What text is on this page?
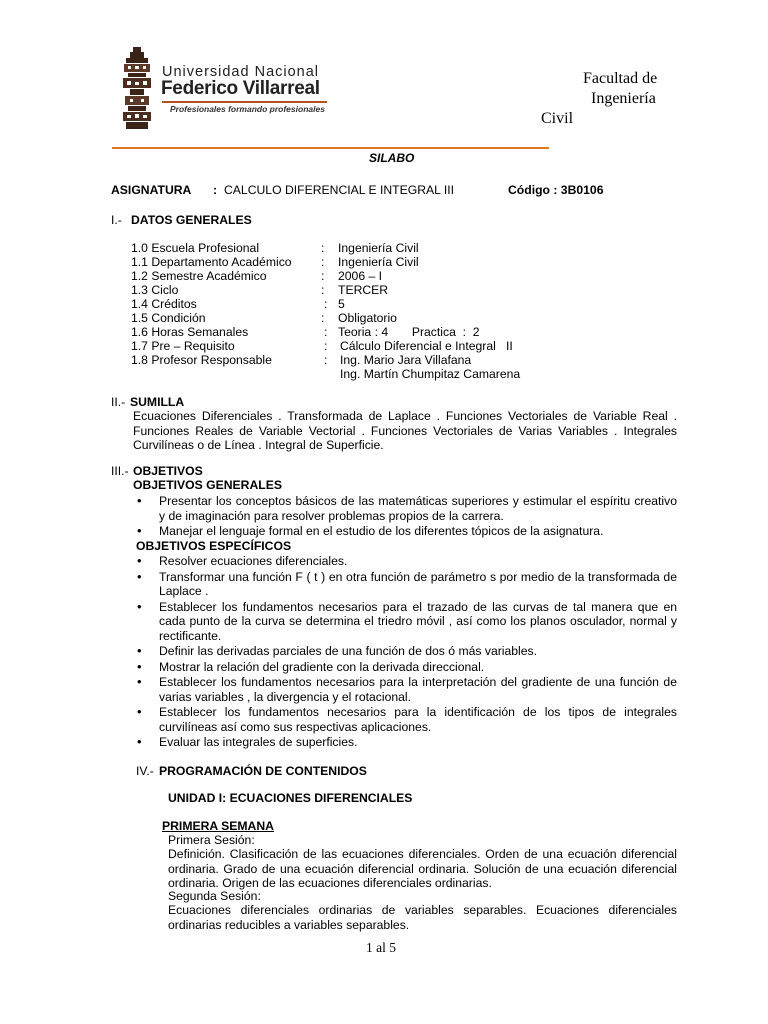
Universidad Nacional
Federico Villarreal
Profesionales formando profesionales
Facultad de
Ingeniería
Civil
SILABO
ASIGNATURA : CALCULO DIFERENCIAL E INTEGRAL III	Código : 3B0106
I.- DATOS GENERALES
1.0 Escuela Profesional	: Ingeniería Civil
1.1 Departamento Académico : Ingeniería Civil
1.2 Semestre Académico	: 2006 – I
1.3 Ciclo	: TERCER
1.4 Créditos	: 5
1.5 Condición	: Obligatorio
1.6 Horas Semanales	: Teoria : 4       Practica  :  2
1.7 Pre – Requisito	: Cálculo Diferencial e Integral   II
1.8 Profesor Responsable	: Ing. Mario Jara Villafana
Ing. Martín Chumpitaz Camarena
II.- SUMILLA
Ecuaciones Diferenciales . Transformada de Laplace . Funciones Vectoriales de Variable Real . Funciones Reales de Variable Vectorial . Funciones Vectoriales de Varias Variables . Integrales Curvilíneas o de Línea . Integral de Superficie.
III.- OBJETIVOS
OBJETIVOS GENERALES
• Presentar los conceptos básicos de las matemáticas superiores y estimular el espíritu creativo y de imaginación para resolver problemas propios de la carrera.
• Manejar el lenguaje formal en el estudio de los diferentes tópicos de la asignatura.
OBJETIVOS ESPECÍFICOS
• Resolver ecuaciones diferenciales.
• Transformar una función F ( t ) en otra función de parámetro s por medio de la transformada de Laplace .
• Establecer los fundamentos necesarios para el trazado de las curvas de tal manera que en cada punto de la curva se determina el triedro móvil , así como los planos osculador, normal y rectificante.
• Definir las derivadas parciales de una función de dos ó más variables.
• Mostrar la relación del gradiente con la derivada direccional.
• Establecer los fundamentos necesarios para la interpretación del gradiente de una función de varias variables , la divergencia y el rotacional.
• Establecer los fundamentos necesarios para la identificación de los tipos de integrales curvilíneas así como sus respectivas aplicaciones.
• Evaluar las integrales de superficies.
IV.- PROGRAMACIÓN DE CONTENIDOS
UNIDAD I: ECUACIONES DIFERENCIALES
PRIMERA SEMANA
Primera Sesión:
Definición. Clasificación de las ecuaciones diferenciales. Orden de una ecuación diferencial ordinaria. Grado de una ecuación diferencial ordinaria. Solución de una ecuación diferencial ordinaria. Origen de las ecuaciones diferenciales ordinarias.
Segunda Sesión:
Ecuaciones diferenciales ordinarias de variables separables. Ecuaciones diferenciales ordinarias reducibles a variables separables.
1 al 5
